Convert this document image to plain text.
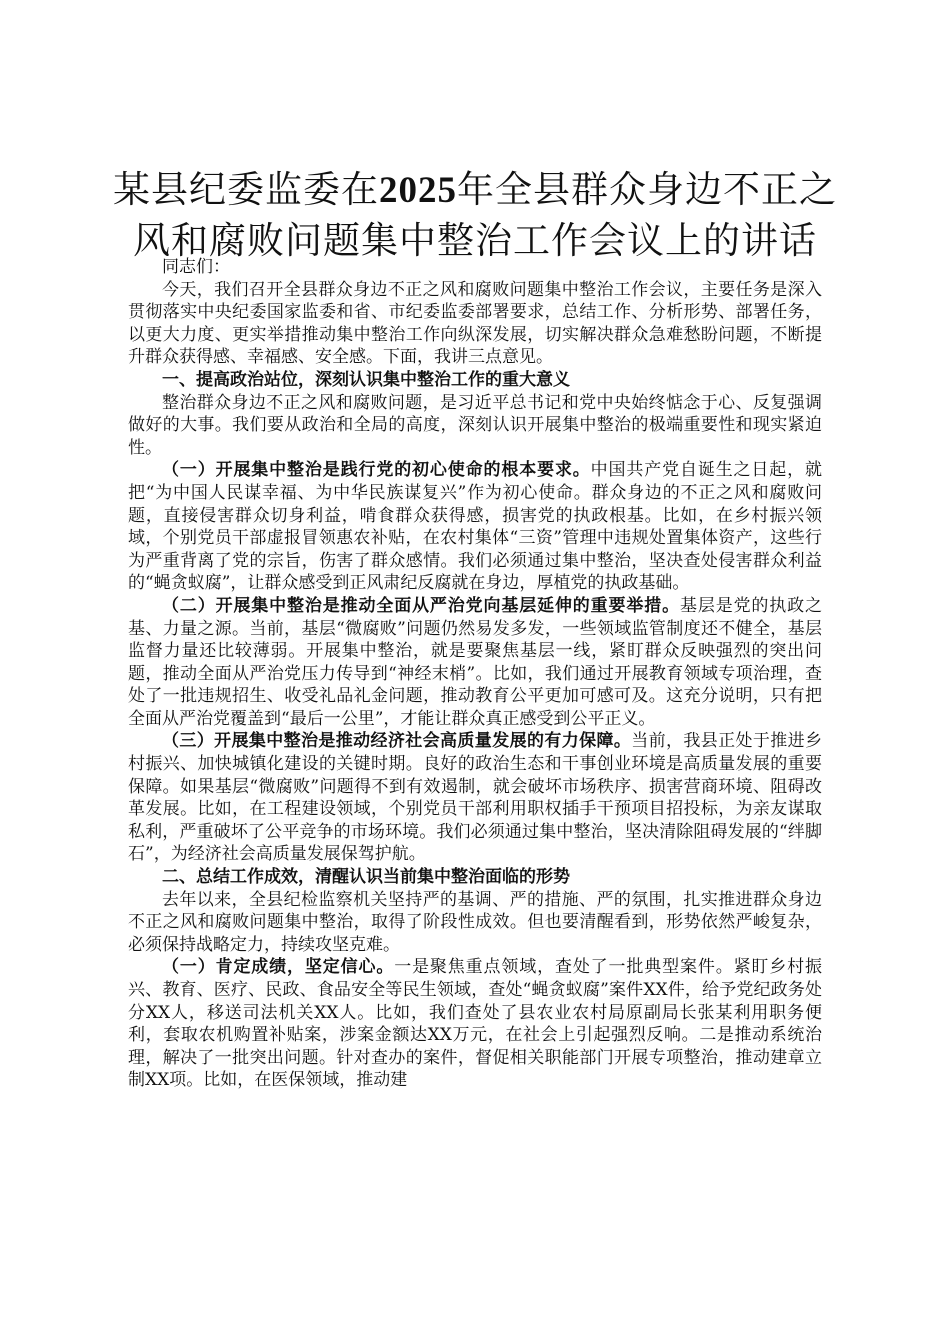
某县纪委监委在2025年全县群众身边不正之
风和腐败问题集中整治工作会议上的讲话

同志们：

今天，我们召开全县群众身边不正之风和腐败问题集中整治工作会议，主要任务是深入贯彻落实中央纪委国家监委和省、市纪委监委部署要求，总结工作、分析形势、部署任务，以更大力度、更实举措推动集中整治工作向纵深发展，切实解决群众急难愁盼问题，不断提升群众获得感、幸福感、安全感。下面，我讲三点意见。

一、提高政治站位，深刻认识集中整治工作的重大意义

整治群众身边不正之风和腐败问题，是习近平总书记和党中央始终惦念于心、反复强调做好的大事。我们要从政治和全局的高度，深刻认识开展集中整治的极端重要性和现实紧迫性。

（一）开展集中整治是践行党的初心使命的根本要求。中国共产党自诞生之日起，就把“为中国人民谋幸福、为中华民族谋复兴”作为初心使命。群众身边的不正之风和腐败问题，直接侵害群众切身利益，啃食群众获得感，损害党的执政根基。比如，在乡村振兴领域，个别党员干部虚报冒领惠农补贴，在农村集体“三资”管理中违规处置集体资产，这些行为严重背离了党的宗旨，伤害了群众感情。我们必须通过集中整治，坚决查处侵害群众利益的“蝇贪蚁腐”，让群众感受到正风肃纪反腐就在身边，厚植党的执政基础。

（二）开展集中整治是推动全面从严治党向基层延伸的重要举措。基层是党的执政之基、力量之源。当前，基层“微腐败”问题仍然易发多发，一些领域监管制度还不健全，基层监督力量还比较薄弱。开展集中整治，就是要聚焦基层一线，紧盯群众反映强烈的突出问题，推动全面从严治党压力传导到“神经末梢”。比如，我们通过开展教育领域专项治理，查处了一批违规招生、收受礼品礼金问题，推动教育公平更加可感可及。这充分说明，只有把全面从严治党覆盖到“最后一公里”，才能让群众真正感受到公平正义。

（三）开展集中整治是推动经济社会高质量发展的有力保障。当前，我县正处于推进乡村振兴、加快城镇化建设的关键时期。良好的政治生态和干事创业环境是高质量发展的重要保障。如果基层“微腐败”问题得不到有效遏制，就会破坏市场秩序、损害营商环境、阻碍改革发展。比如，在工程建设领域，个别党员干部利用职权插手干预项目招投标，为亲友谋取私利，严重破坏了公平竞争的市场环境。我们必须通过集中整治，坚决清除阻碍发展的“绊脚石”，为经济社会高质量发展保驾护航。

二、总结工作成效，清醒认识当前集中整治面临的形势

去年以来，全县纪检监察机关坚持严的基调、严的措施、严的氛围，扎实推进群众身边不正之风和腐败问题集中整治，取得了阶段性成效。但也要清醒看到，形势依然严峻复杂，必须保持战略定力，持续攻坚克难。

（一）肯定成绩，坚定信心。一是聚焦重点领域，查处了一批典型案件。紧盯乡村振兴、教育、医疗、民政、食品安全等民生领域，查处“蝇贪蚁腐”案件XX件，给予党纪政务处分XX人，移送司法机关XX人。比如，我们查处了县农业农村局原副局长张某利用职务便利，套取农机购置补贴案，涉案金额达XX万元，在社会上引起强烈反响。二是推动系统治理，解决了一批突出问题。针对查办的案件，督促相关职能部门开展专项整治，推动建章立制XX项。比如，在医保领域，推动建
